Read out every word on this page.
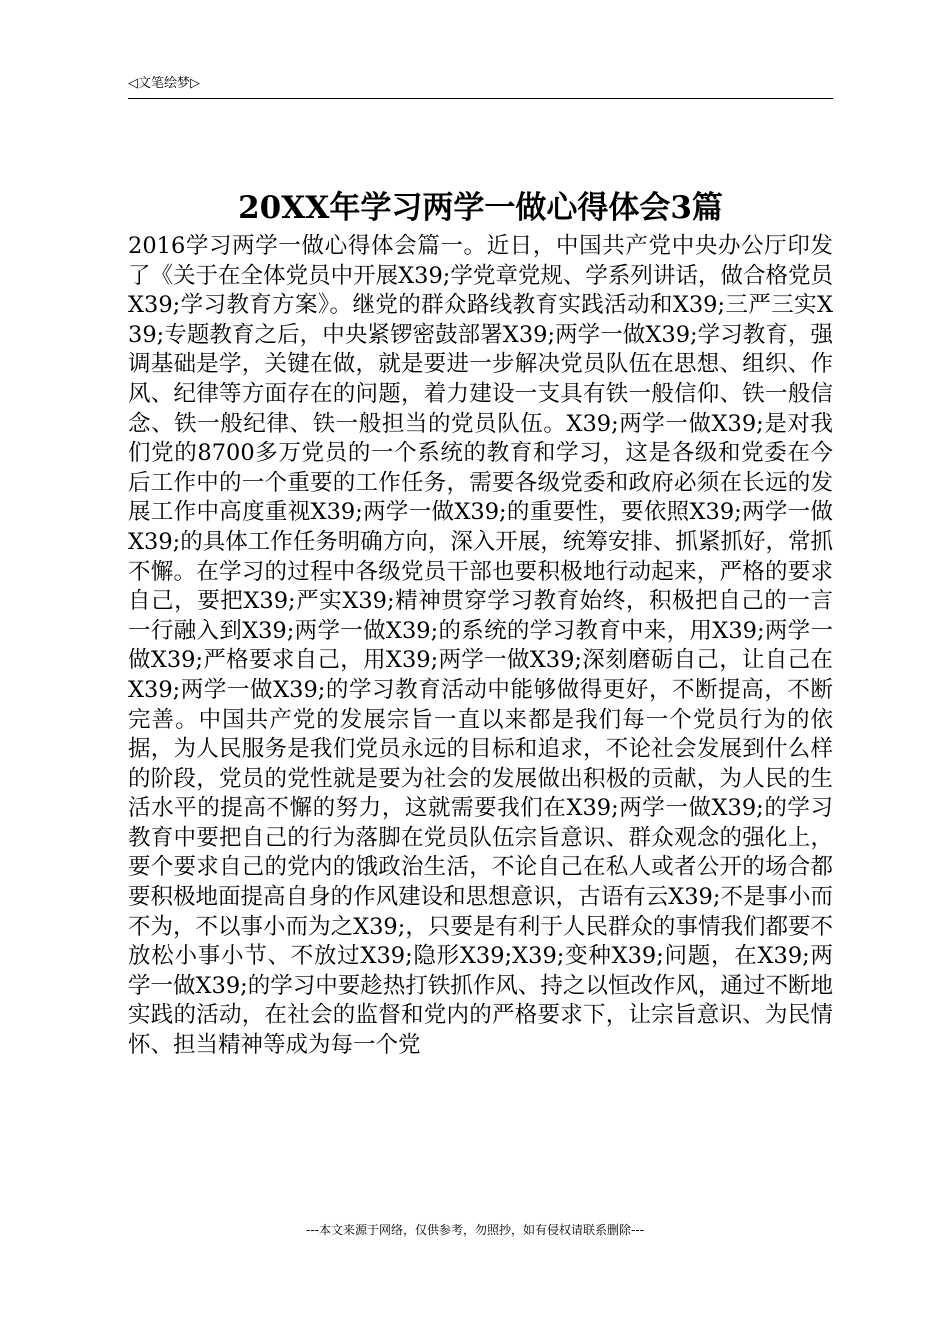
◁文笔绘梦▷
20XX年学习两学一做心得体会3篇

2016学习两学一做心得体会篇一。近日，中国共产党中央办公厅印发了《关于在全体党员中开展X39;学党章党规、学系列讲话，做合格党员X39;学习教育方案》。继党的群众路线教育实践活动和X39;三严三实X39;专题教育之后，中央紧锣密鼓部署X39;两学一做X39;学习教育，强调基础是学，关键在做，就是要进一步解决党员队伍在思想、组织、作风、纪律等方面存在的问题，着力建设一支具有铁一般信仰、铁一般信念、铁一般纪律、铁一般担当的党员队伍。X39;两学一做X39;是对我们党的8700多万党员的一个系统的教育和学习，这是各级和党委在今后工作中的一个重要的工作任务，需要各级党委和政府必须在长远的发展工作中高度重视X39;两学一做X39;的重要性，要依照X39;两学一做X39;的具体工作任务明确方向，深入开展，统筹安排、抓紧抓好，常抓不懈。在学习的过程中各级党员干部也要积极地行动起来，严格的要求自己，要把X39;严实X39;精神贯穿学习教育始终，积极把自己的一言一行融入到X39;两学一做X39;的系统的学习教育中来，用X39;两学一做X39;严格要求自己，用X39;两学一做X39;深刻磨砺自己，让自己在X39;两学一做X39;的学习教育活动中能够做得更好，不断提高，不断完善。中国共产党的发展宗旨一直以来都是我们每一个党员行为的依据，为人民服务是我们党员永远的目标和追求，不论社会发展到什么样的阶段，党员的党性就是要为社会的发展做出积极的贡献，为人民的生活水平的提高不懈的努力，这就需要我们在X39;两学一做X39;的学习教育中要把自己的行为落脚在党员队伍宗旨意识、群众观念的强化上，要个要求自己的党内的饿政治生活，不论自己在私人或者公开的场合都要积极地面提高自身的作风建设和思想意识，古语有云X39;不是事小而不为，不以事小而为之X39;，只要是有利于人民群众的事情我们都要不放松小事小节、不放过X39;隐形X39;X39;变种X39;问题，在X39;两学一做X39;的学习中要趁热打铁抓作风、持之以恒改作风，通过不断地实践的活动，在社会的监督和党内的严格要求下，让宗旨意识、为民情怀、担当精神等成为每一个党

---本文来源于网络，仅供参考，勿照抄，如有侵权请联系删除---
